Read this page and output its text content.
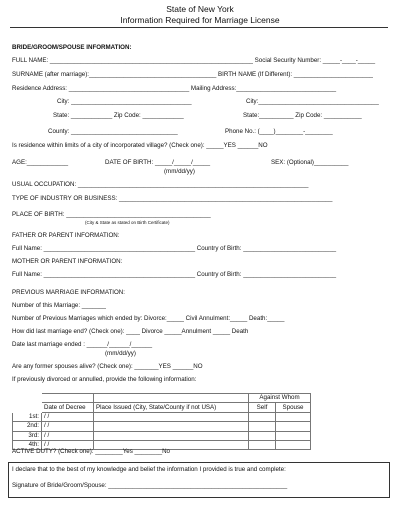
State of New York
Information Required for Marriage License
BRIDE/GROOM/SPOUSE INFORMATION:
FULL NAME: ___________________________________________________________ Social Security Number: _____-____-_____
SURNAME (after marriage):_____________________________________ BIRTH NAME (If Different): _______________________
Residence Address: ___________________________________ Mailing Address:_____________________________
City: ___________________________________	City:___________________________________
State: ____________ Zip Code: ____________	State:__________ Zip Code: ___________
County: _______________________________	Phone No.: (____)________-________
Is residence within limits of a city of incorporated village? (Check one): _____YES ______NO
AGE:____________	DATE OF BIRTH: _____/_____/_____
(mm/dd/yy)
SEX: (Optional)__________
USUAL OCCUPATION: ___________________________________________________________________
TYPE OF INDUSTRY OR BUSINESS: ______________________________________________________________
PLACE OF BIRTH: __________________________________________
(City & State as stated on Birth Certificate)
FATHER OR PARENT INFORMATION:
Full Name: ____________________________________________ Country of Birth: ___________________________
MOTHER OR PARENT INFORMATION:
Full Name: ____________________________________________ Country of Birth: ___________________________
PREVIOUS MARRIAGE INFORMATION:
Number of this Marriage: _______
Number of Previous Marriages which ended by: Divorce:_____ Civil Annulment:_____ Death:_____
How did last marriage end? (Check one): ____ Divorce _____Annulment _____ Death
Date last marriage ended : ______/______/______
(mm/dd/yy)
Are any former spouses alive? (Check one): _______YES ______NO
If previously divorced or annulled, provide the following information:
			Against Whom	
	Date of Decree	Place Issued (City, State/County if not USA)	Self	Spouse
1st:	/ /			
2nd:	/ /			
3rd:	/ /			
4th:	/ /			
ACTIVE DUTY? (Check one): ________Yes ________No
I declare that to the best of my knowledge and belief the information I provided is true and complete:
Signature of Bride/Groom/Spouse: ____________________________________________________
